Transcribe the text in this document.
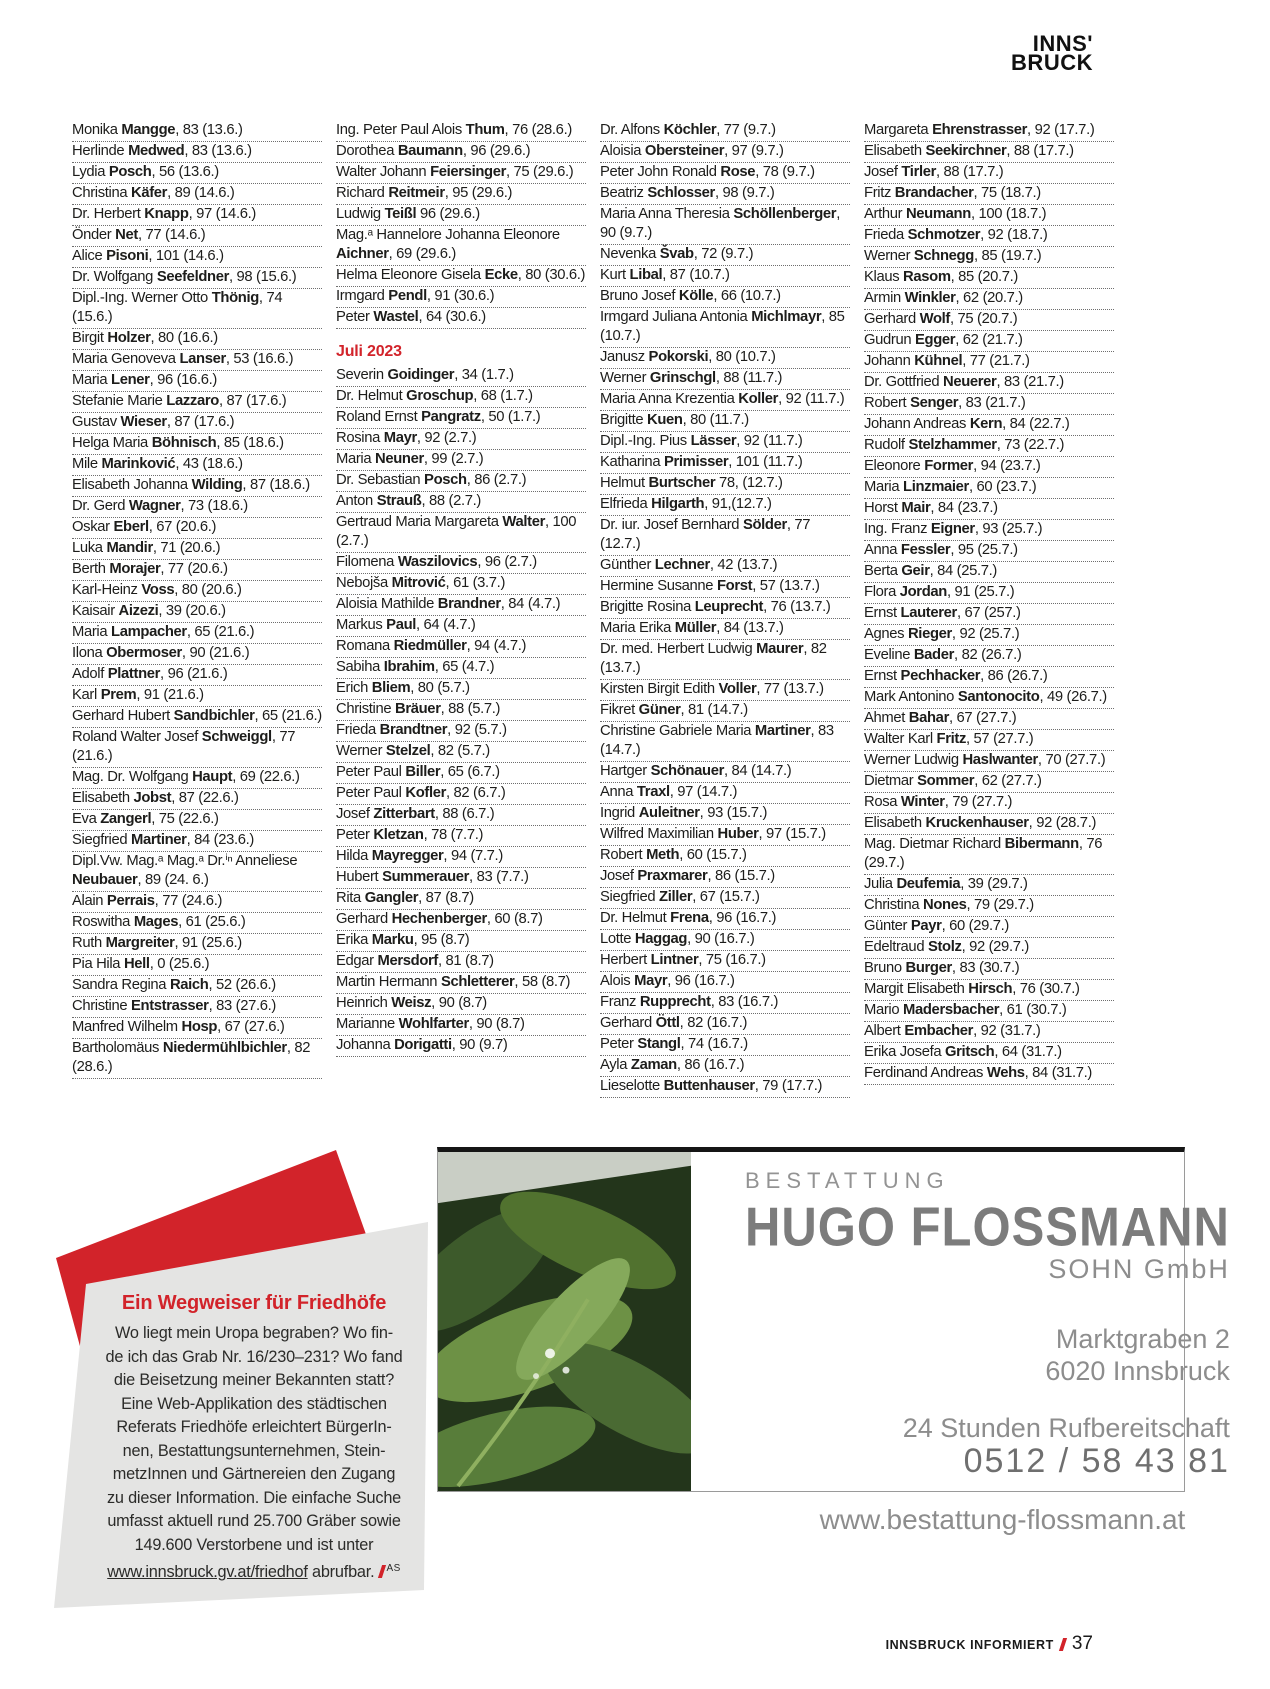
INNS'
BRUCK
Monika Mangge, 83 (13.6.)
Herlinde Medwed, 83 (13.6.)
Lydia Posch, 56 (13.6.)
Christina Käfer, 89 (14.6.)
Dr. Herbert Knapp, 97 (14.6.)
Önder Net, 77 (14.6.)
Alice Pisoni, 101 (14.6.)
Dr. Wolfgang Seefeldner, 98 (15.6.)
Dipl.-Ing. Werner Otto Thönig, 74 (15.6.)
Birgit Holzer, 80 (16.6.)
Maria Genoveva Lanser, 53 (16.6.)
Maria Lener, 96 (16.6.)
Stefanie Marie Lazzaro, 87 (17.6.)
Gustav Wieser, 87 (17.6.)
Helga Maria Böhnisch, 85 (18.6.)
Mile Marinković, 43 (18.6.)
Elisabeth Johanna Wilding, 87 (18.6.)
Dr. Gerd Wagner, 73 (18.6.)
Oskar Eberl, 67 (20.6.)
Luka Mandir, 71 (20.6.)
Berth Morajer, 77 (20.6.)
Karl-Heinz Voss, 80 (20.6.)
Kaisair Aizezi, 39 (20.6.)
Maria Lampacher, 65 (21.6.)
Ilona Obermoser, 90 (21.6.)
Adolf Plattner, 96 (21.6.)
Karl Prem, 91 (21.6.)
Gerhard Hubert Sandbichler, 65 (21.6.)
Roland Walter Josef Schweiggl, 77 (21.6.)
Mag. Dr. Wolfgang Haupt, 69 (22.6.)
Elisabeth Jobst, 87 (22.6.)
Eva Zangerl, 75 (22.6.)
Siegfried Martiner, 84 (23.6.)
Dipl.Vw. Mag.ᵃ Mag.ᵃ Dr.ⁱⁿ Anneliese Neubauer, 89 (24. 6.)
Alain Perrais, 77 (24.6.)
Roswitha Mages, 61 (25.6.)
Ruth Margreiter, 91 (25.6.)
Pia Hila Hell, 0 (25.6.)
Sandra Regina Raich, 52 (26.6.)
Christine Entstrasser, 83 (27.6.)
Manfred Wilhelm Hosp, 67 (27.6.)
Bartholomäus Niedermühlbichler, 82 (28.6.)
Ing. Peter Paul Alois Thum, 76 (28.6.)
Dorothea Baumann, 96 (29.6.)
Walter Johann Feiersinger, 75 (29.6.)
Richard Reitmeir, 95 (29.6.)
Ludwig Teißl 96 (29.6.)
Mag.ᵃ Hannelore Johanna Eleonore Aichner, 69 (29.6.)
Helma Eleonore Gisela Ecke, 80 (30.6.)
Irmgard Pendl, 91 (30.6.)
Peter Wastel, 64 (30.6.)
Juli 2023
Severin Goidinger, 34 (1.7.)
Dr. Helmut Groschup, 68 (1.7.)
Roland Ernst Pangratz, 50 (1.7.)
Rosina Mayr, 92 (2.7.)
Maria Neuner, 99 (2.7.)
Dr. Sebastian Posch, 86 (2.7.)
Anton Strauß, 88 (2.7.)
Gertraud Maria Margareta Walter, 100 (2.7.)
Filomena Waszilovics, 96 (2.7.)
Nebojša Mitrović, 61 (3.7.)
Aloisia Mathilde Brandner, 84 (4.7.)
Markus Paul, 64 (4.7.)
Romana Riedmüller, 94 (4.7.)
Sabiha Ibrahim, 65 (4.7.)
Erich Bliem, 80 (5.7.)
Christine Bräuer, 88 (5.7.)
Frieda Brandtner, 92 (5.7.)
Werner Stelzel, 82 (5.7.)
Peter Paul Biller, 65 (6.7.)
Peter Paul Kofler, 82 (6.7.)
Josef Zitterbart, 88 (6.7.)
Peter Kletzan, 78 (7.7.)
Hilda Mayregger, 94 (7.7.)
Hubert Summerauer, 83 (7.7.)
Rita Gangler, 87 (8.7)
Gerhard Hechenberger, 60 (8.7)
Erika Marku, 95 (8.7)
Edgar Mersdorf, 81 (8.7)
Martin Hermann Schletterer, 58 (8.7)
Heinrich Weisz, 90 (8.7)
Marianne Wohlfarter, 90 (8.7)
Johanna Dorigatti, 90 (9.7)
Dr. Alfons Köchler, 77 (9.7.)
Aloisia Obersteiner, 97 (9.7.)
Peter John Ronald Rose, 78 (9.7.)
Beatriz Schlosser, 98 (9.7.)
Maria Anna Theresia Schöllenberger, 90 (9.7.)
Nevenka Švab, 72 (9.7.)
Kurt Libal, 87 (10.7.)
Bruno Josef Kölle, 66 (10.7.)
Irmgard Juliana Antonia Michlmayr, 85 (10.7.)
Janusz Pokorski, 80 (10.7.)
Werner Grinschgl, 88 (11.7.)
Maria Anna Krezentia Koller, 92 (11.7.)
Brigitte Kuen, 80 (11.7.)
Dipl.-Ing. Pius Lässer, 92 (11.7.)
Katharina Primisser, 101 (11.7.)
Helmut Burtscher 78, (12.7.)
Elfrieda Hilgarth, 91,(12.7.)
Dr. iur. Josef Bernhard Sölder, 77 (12.7.)
Günther Lechner, 42 (13.7.)
Hermine Susanne Forst, 57 (13.7.)
Brigitte Rosina Leuprecht, 76 (13.7.)
Maria Erika Müller, 84 (13.7.)
Dr. med. Herbert Ludwig Maurer, 82 (13.7.)
Kirsten Birgit Edith Voller, 77 (13.7.)
Fikret Güner, 81 (14.7.)
Christine Gabriele Maria Martiner, 83 (14.7.)
Hartger Schönauer, 84 (14.7.)
Anna Traxl, 97 (14.7.)
Ingrid Auleitner, 93 (15.7.)
Wilfred Maximilian Huber, 97 (15.7.)
Robert Meth, 60 (15.7.)
Josef Praxmarer, 86 (15.7.)
Siegfried Ziller, 67 (15.7.)
Dr. Helmut Frena, 96 (16.7.)
Lotte Haggag, 90 (16.7.)
Herbert Lintner, 75 (16.7.)
Alois Mayr, 96 (16.7.)
Franz Rupprecht, 83 (16.7.)
Gerhard Öttl, 82 (16.7.)
Peter Stangl, 74 (16.7.)
Ayla Zaman, 86 (16.7.)
Lieselotte Buttenhauser, 79 (17.7.)
Margareta Ehrenstrasser, 92 (17.7.)
Elisabeth Seekirchner, 88 (17.7.)
Josef Tirler, 88 (17.7.)
Fritz Brandacher, 75 (18.7.)
Arthur Neumann, 100 (18.7.)
Frieda Schmotzer, 92 (18.7.)
Werner Schnegg, 85 (19.7.)
Klaus Rasom, 85 (20.7.)
Armin Winkler, 62 (20.7.)
Gerhard Wolf, 75 (20.7.)
Gudrun Egger, 62 (21.7.)
Johann Kühnel, 77 (21.7.)
Dr. Gottfried Neuerer, 83 (21.7.)
Robert Senger, 83 (21.7.)
Johann Andreas Kern, 84 (22.7.)
Rudolf Stelzhammer, 73 (22.7.)
Eleonore Former, 94 (23.7.)
Maria Linzmaier, 60 (23.7.)
Horst Mair, 84 (23.7.)
Ing. Franz Eigner, 93 (25.7.)
Anna Fessler, 95 (25.7.)
Berta Geir, 84 (25.7.)
Flora Jordan, 91 (25.7.)
Ernst Lauterer, 67 (257.)
Agnes Rieger, 92 (25.7.)
Eveline Bader, 82 (26.7.)
Ernst Pechhacker, 86 (26.7.)
Mark Antonino Santonocito, 49 (26.7.)
Ahmet Bahar, 67 (27.7.)
Walter Karl Fritz, 57 (27.7.)
Werner Ludwig Haslwanter, 70 (27.7.)
Dietmar Sommer, 62 (27.7.)
Rosa Winter, 79 (27.7.)
Elisabeth Kruckenhauser, 92 (28.7.)
Mag. Dietmar Richard Bibermann, 76 (29.7.)
Julia Deufemia, 39 (29.7.)
Christina Nones, 79 (29.7.)
Günter Payr, 60 (29.7.)
Edeltraud Stolz, 92 (29.7.)
Bruno Burger, 83 (30.7.)
Margit Elisabeth Hirsch, 76 (30.7.)
Mario Madersbacher, 61 (30.7.)
Albert Embacher, 92 (31.7.)
Erika Josefa Gritsch, 64 (31.7.)
Ferdinand Andreas Wehs, 84 (31.7.)
Ein Wegweiser für Friedhöfe
Wo liegt mein Uropa begraben? Wo fin-
de ich das Grab Nr. 16/230–231? Wo fand
die Beisetzung meiner Bekannten statt?
Eine Web-Applikation des städtischen
Referats Friedhöfe erleichtert BürgerIn-
nen, Bestattungsunternehmen, Stein-
metzInnen und Gärtnereien den Zugang
zu dieser Information. Die einfache Suche
umfasst aktuell rund 25.700 Gräber sowie
149.600 Verstorbene und ist unter
www.innsbruck.gv.at/friedhof abrufbar. $^{AS}$
BESTATTUNG
HUGO FLOSSMANN
SOHN GmbH
Marktgraben 2
6020 Innsbruck
24 Stunden Rufbereitschaft
0512 / 58 43 81
www.bestattung-flossmann.at
INNSBRUCK INFORMIERT 37
